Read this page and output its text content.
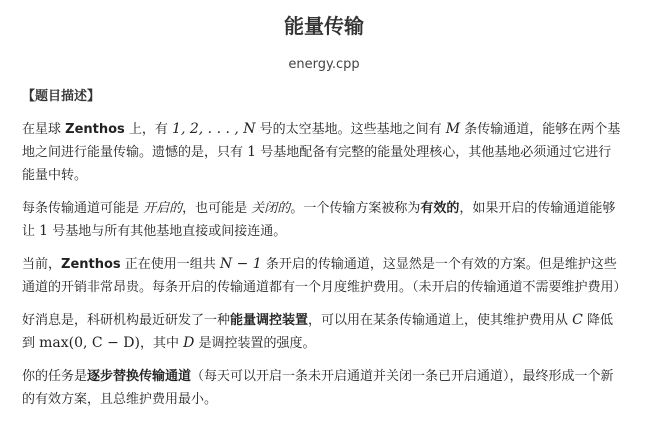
能量传输
energy.cpp
【题目描述】

在星球 Zenthos 上，有 1, 2, . . . , N 号的太空基地。这些基地之间有 M 条传输通道，能够在两个基地之间进行能量传输。遗憾的是，只有 1 号基地配备有完整的能量处理核心，其他基地必须通过它进行能量中转。

每条传输通道可能是 开启的，也可能是 关闭的。一个传输方案被称为有效的，如果开启的传输通道能够让 1 号基地与所有其他基地直接或间接连通。

当前，Zenthos 正在使用一组共 N − 1 条开启的传输通道，这显然是一个有效的方案。但是维护这些通道的开销非常昂贵。每条开启的传输通道都有一个月度维护费用。（未开启的传输通道不需要维护费用）

好消息是，科研机构最近研发了一种能量调控装置，可以用在某条传输通道上，使其维护费用从 C 降低到 max(0, C − D)，其中 D 是调控装置的强度。

你的任务是逐步替换传输通道（每天可以开启一条未开启通道并关闭一条已开启通道），最终形成一个新的有效方案，且总维护费用最小。
